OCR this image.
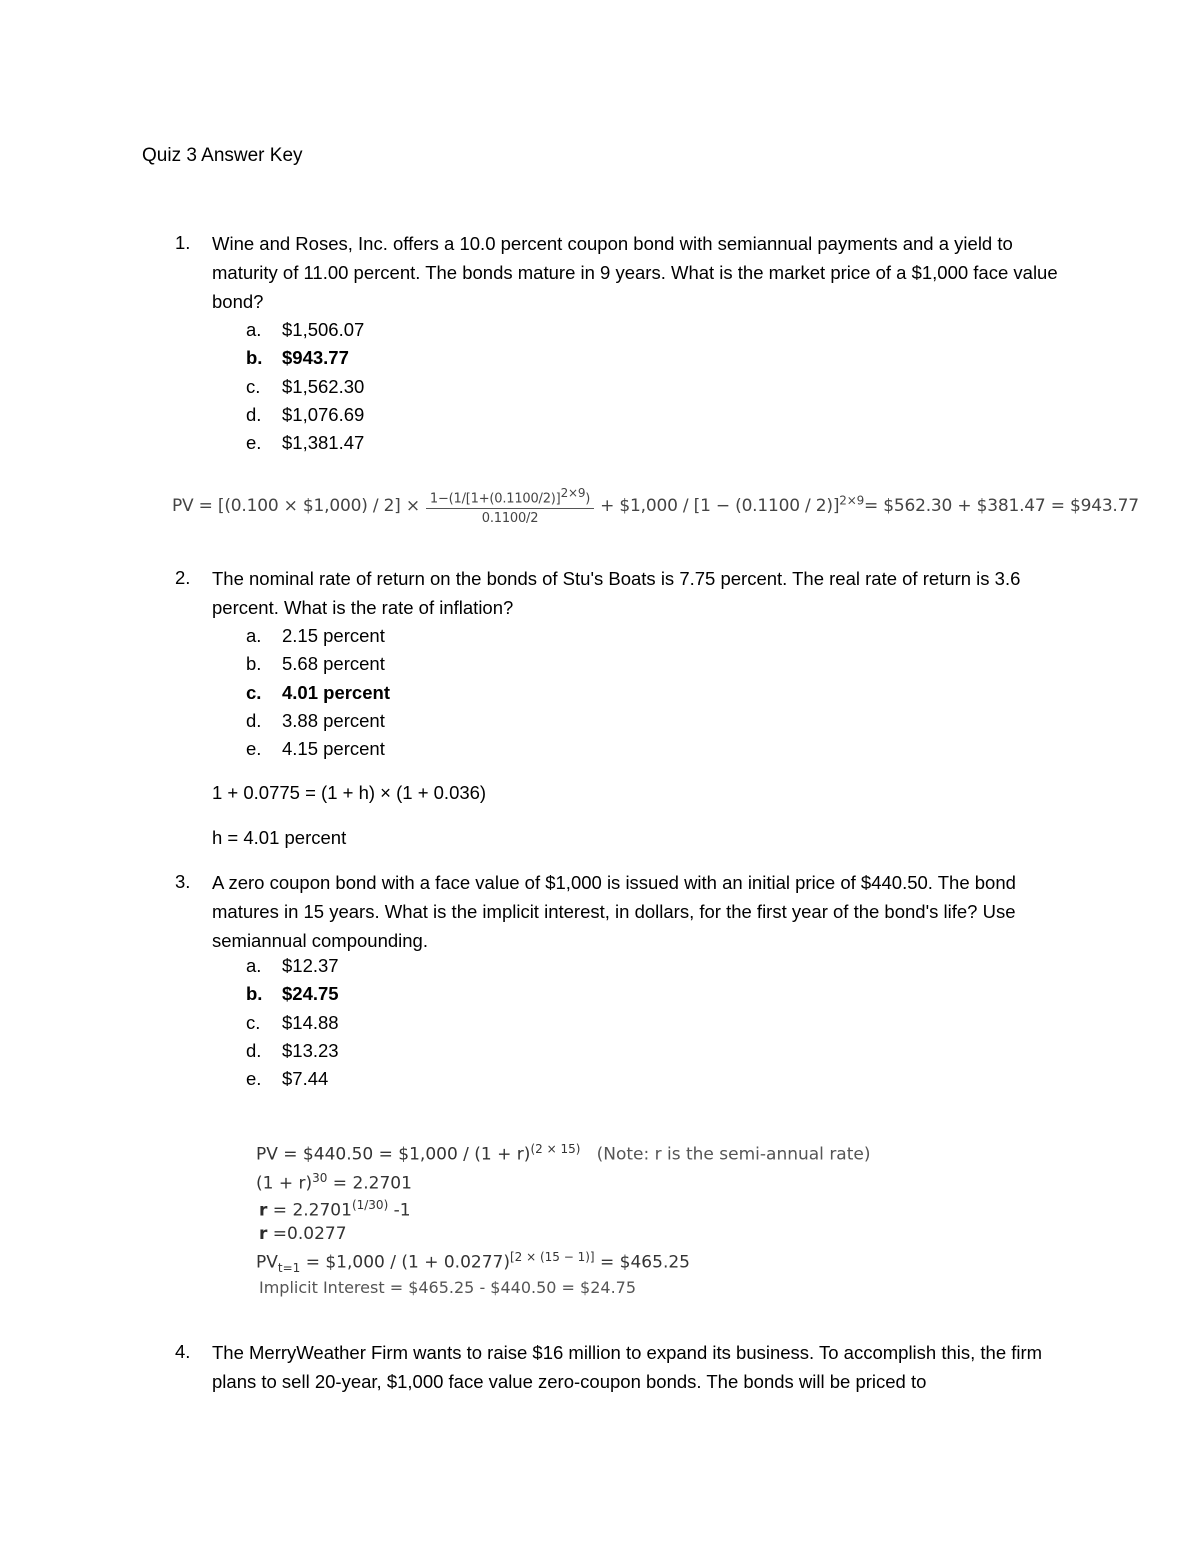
Quiz 3 Answer Key
1. Wine and Roses, Inc. offers a 10.0 percent coupon bond with semiannual payments and a yield to maturity of 11.00 percent. The bonds mature in 9 years. What is the market price of a $1,000 face value bond?
a. $1,506.07
b. $943.77
c. $1,562.30
d. $1,076.69
e. $1,381.47
PV = [(0.100 × $1,000) / $2] \times \frac{1-(1/[1+(0.1100/2)]^{2\times 9})}{0.1100/2}$ + $1,000 / $[1 - (0.1100 / 2)]^{2\times 9}=$ $562.30 + $381.47 = $943.77
2. The nominal rate of return on the bonds of Stu's Boats is 7.75 percent. The real rate of return is 3.6 percent. What is the rate of inflation?
a. 2.15 percent
b. 5.68 percent
c. 4.01 percent
d. 3.88 percent
e. 4.15 percent
1 + 0.0775 = (1 + h) × (1 + 0.036)
h = 4.01 percent
3. A zero coupon bond with a face value of $1,000 is issued with an initial price of $440.50. The bond matures in 15 years. What is the implicit interest, in dollars, for the first year of the bond's life? Use semiannual compounding.
a. $12.37
b. $24.75
c. $14.88
d. $13.23
e. $7.44
PV = $440.50 = $1,000 / $(1 + r)^{(2 \times 15)}$ (Note: r is the semi-annual rate)
$(1 + r)^{30} = 2.2701$
$r = 2.2701^{(1/30)}$ -1
r =0.0277
$PV_{t=1}$ = $1,000 / (1 + 0.0277)[2 × (15 − 1)] = $465.25
Implicit Interest = $465.25 - $440.50 = $24.75
4. The MerryWeather Firm wants to raise $16 million to expand its business. To accomplish this, the firm plans to sell 20-year, $1,000 face value zero-coupon bonds. The bonds will be priced to
